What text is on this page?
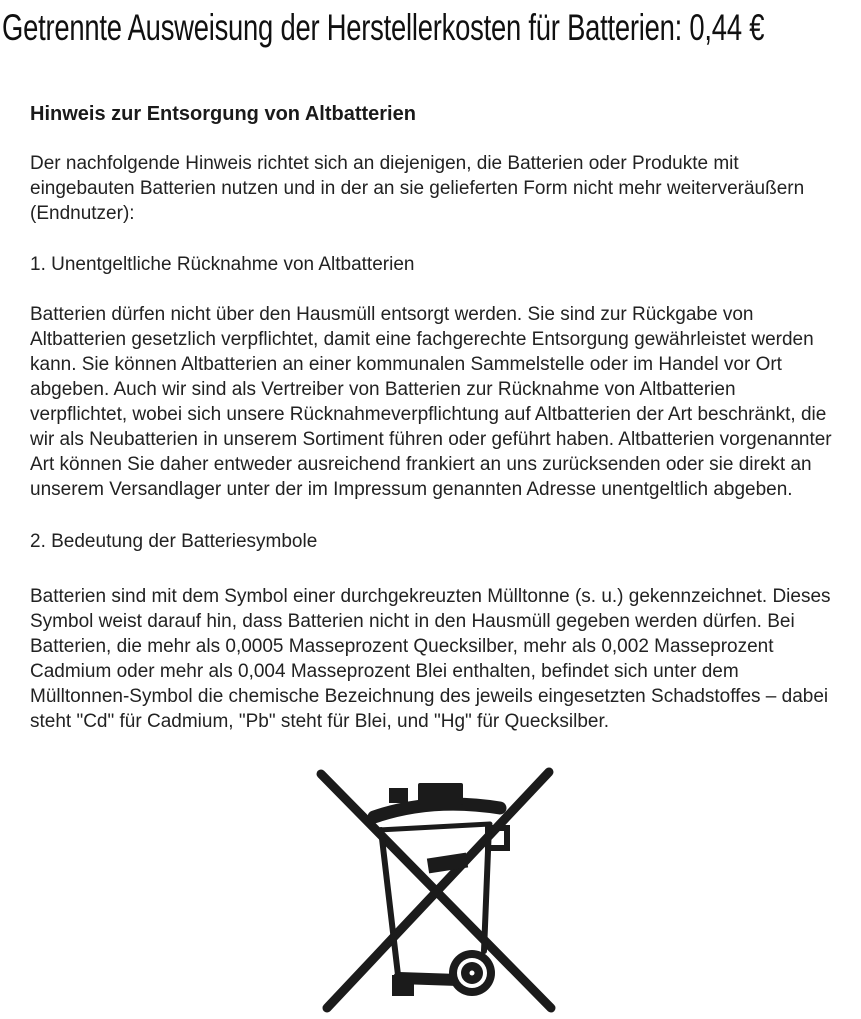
Getrennte Ausweisung der Herstellerkosten für Batterien: 0,44 €
Hinweis zur Entsorgung von Altbatterien

Der nachfolgende Hinweis richtet sich an diejenigen, die Batterien oder Produkte mit eingebauten Batterien nutzen und in der an sie gelieferten Form nicht mehr weiterveräußern (Endnutzer):

1. Unentgeltliche Rücknahme von Altbatterien

Batterien dürfen nicht über den Hausmüll entsorgt werden. Sie sind zur Rückgabe von Altbatterien gesetzlich verpflichtet, damit eine fachgerechte Entsorgung gewährleistet werden kann. Sie können Altbatterien an einer kommunalen Sammelstelle oder im Handel vor Ort abgeben. Auch wir sind als Vertreiber von Batterien zur Rücknahme von Altbatterien verpflichtet, wobei sich unsere Rücknahmeverpflichtung auf Altbatterien der Art beschränkt, die wir als Neubatterien in unserem Sortiment führen oder geführt haben. Altbatterien vorgenannter Art können Sie daher entweder ausreichend frankiert an uns zurücksenden oder sie direkt an unserem Versandlager unter der im Impressum genannten Adresse unentgeltlich abgeben.

2. Bedeutung der Batteriesymbole

Batterien sind mit dem Symbol einer durchgekreuzten Mülltonne (s. u.) gekennzeichnet. Dieses Symbol weist darauf hin, dass Batterien nicht in den Hausmüll gegeben werden dürfen. Bei Batterien, die mehr als 0,0005 Masseprozent Quecksilber, mehr als 0,002 Masseprozent Cadmium oder mehr als 0,004 Masseprozent Blei enthalten, befindet sich unter dem Mülltonnen-Symbol die chemische Bezeichnung des jeweils eingesetzten Schadstoffes – dabei steht "Cd" für Cadmium, "Pb" steht für Blei, und "Hg" für Quecksilber.
